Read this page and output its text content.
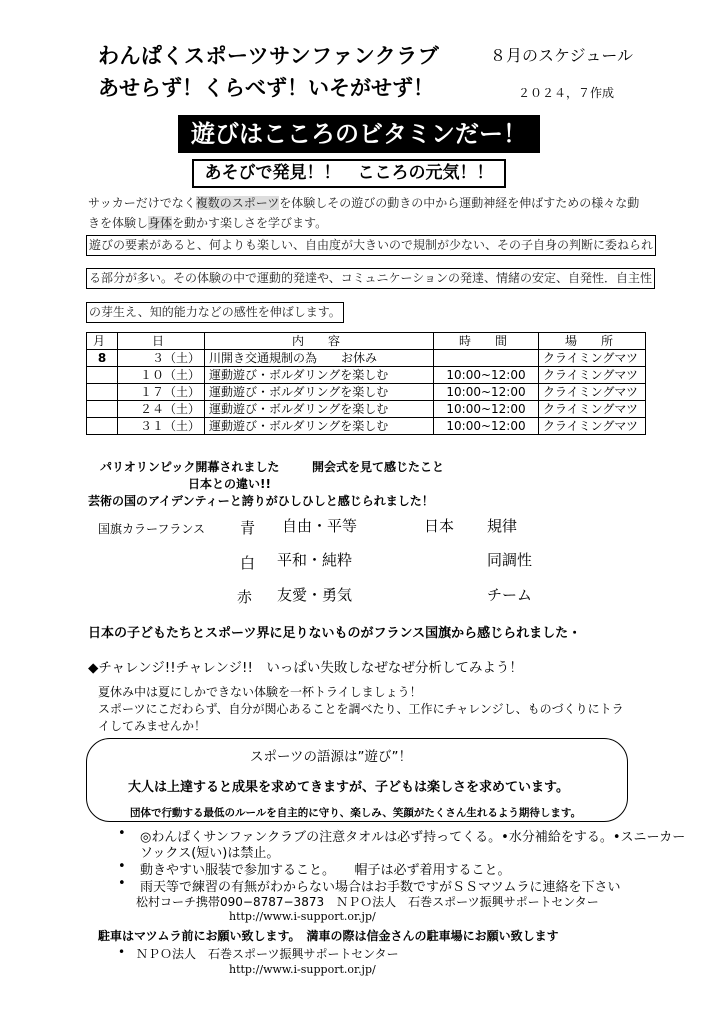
わんぱくスポーツサンファンクラブ	８月のスケジュール
あせらず！くらべず！いそがせず！	２０２４，７作成
遊びはこころのビタミンだー！
あそびで発見！！　こころの元気！！
サッカーだけでなく複数のスポーツを体験しその遊びの動きの中から運動神経を伸ばすための様々な動きを体験し身体を動かす楽しさを学びます。
遊びの要素があると、何よりも楽しい、自由度が大きいので規制が少ない、その子自身の判断に委ねられ
る部分が多い。その体験の中で運動的発達や、コミュニケーションの発達、情緒の安定、自発性．自主性
の芽生え、知的能力などの感性を伸ばします。
月	日	内　容	時　間	場　所
8	３（土）	川開き交通規制の為　　お休み		クライミングマツ
	１０（土）	運動遊び・ボルダリングを楽しむ	10:00~12:00	クライミングマツ
	１７（土）	運動遊び・ボルダリングを楽しむ	10:00~12:00	クライミングマツ
	２４（土）	運動遊び・ボルダリングを楽しむ	10:00~12:00	クライミングマツ
	３１（土）	運動遊び・ボルダリングを楽しむ	10:00~12:00	クライミングマツ
パリオリンピック開幕されました	開会式を見て感じたこと
日本との違い!!
芸術の国のアイデンティーと誇りがひしひしと感じられました！
国旗カラーフランス 青 自由・平等	日本 規律
白 平和・純粋	同調性
赤 友愛・勇気	チーム
日本の子どもたちとスポーツ界に足りないものがフランス国旗から感じられました・
◆チャレンジ!!チャレンジ!!　いっぱい失敗しなぜなぜ分析してみよう！
夏休み中は夏にしかできない体験を一杯トライしましょう！
スポーツにこだわらず、自分が関心あることを調べたり、工作にチャレンジし、ものづくりにトラ
イしてみませんか！
スポーツの語源は”遊び”！
大人は上達すると成果を求めてきますが、子どもは楽しさを求めています。
団体で行動する最低のルールを自主的に守り、楽しみ、笑顔がたくさん生れるよう期待します。
• ◎わんぱくサンファンクラブの注意タオルは必ず持ってくる。•水分補給をする。•スニーカー
ソックス(短い)は禁止。
• 動きやすい服装で参加すること。　　帽子は必ず着用すること。
• 雨天等で練習の有無がわからない場合はお手数ですがＳＳマツムラに連絡を下さい
松村コーチ携帯090−8787−3873　ＮＰＯ法人　石巻スポーツ振興サポートセンター
http://www.i-support.or.jp/
駐車はマツムラ前にお願い致します。　満車の際は信金さんの駐車場にお願い致します
• ＮＰＯ法人　石巻スポーツ振興サポートセンター
http://www.i-support.or.jp/
